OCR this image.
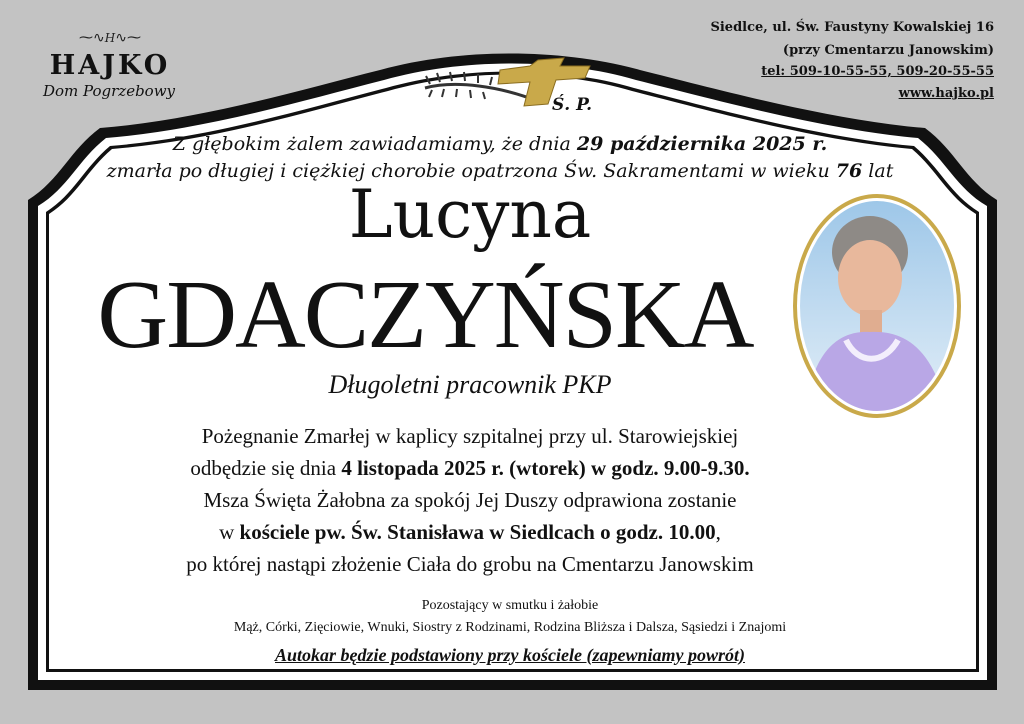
⁓∿H∿⁓
HAJKO
Dom Pogrzebowy
Siedlce, ul. Św. Faustyny Kowalskiej 16
(przy Cmentarzu Janowskim)
tel: 509-10-55-55, 509-20-55-55
www.hajko.pl
Ś. P.
Z głębokim żalem zawiadamiamy, że dnia 29 października 2025 r.
zmarła po długiej i ciężkiej chorobie opatrzona Św. Sakramentami w wieku 76 lat
Lucyna
GDACZYŃSKA
Długoletni pracownik PKP
Pożegnanie Zmarłej w kaplicy szpitalnej przy ul. Starowiejskiej
odbędzie się dnia 4 listopada 2025 r. (wtorek) w godz. 9.00-9.30.
Msza Święta Żałobna za spokój Jej Duszy odprawiona zostanie
w kościele pw. Św. Stanisława w Siedlcach o godz. 10.00,
po której nastąpi złożenie Ciała do grobu na Cmentarzu Janowskim
Pozostający w smutku i żałobie
Mąż, Córki, Zięciowie, Wnuki, Siostry z Rodzinami, Rodzina Bliższa i Dalsza, Sąsiedzi i Znajomi
Autokar będzie podstawiony przy kościele (zapewniamy powrót)
